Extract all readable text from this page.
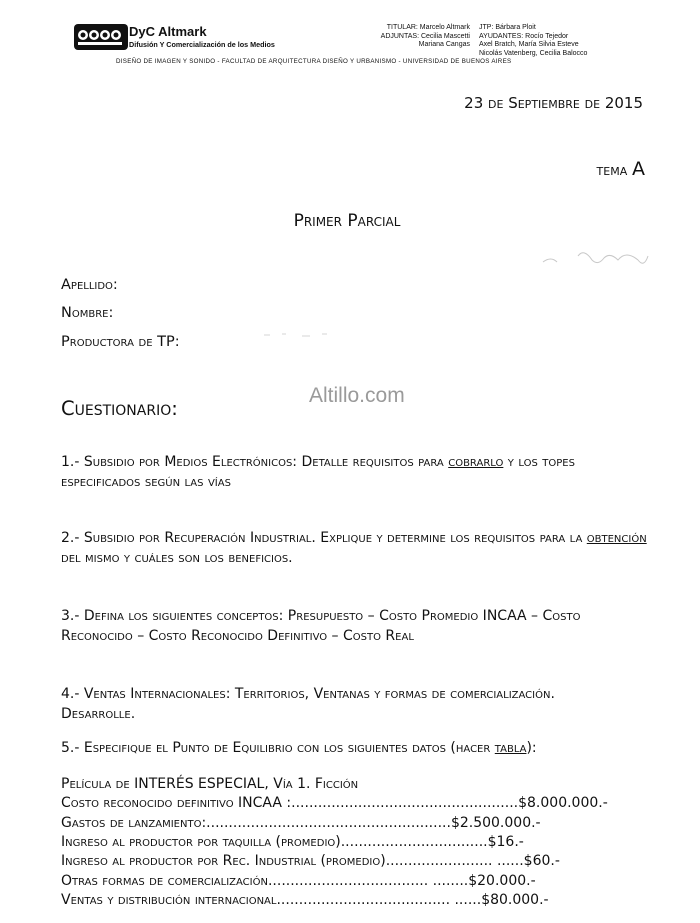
DyC Altmark
Difusión Y Comercialización de los Medios
TITULAR: Marcelo Altmark
ADJUNTAS: Cecilia Mascetti
Mariana Cangas
JTP: Bárbara Ploit
AYUDANTES: Rocío Tejedor
Axel Bratch, María Silvia Esteve
Nicolás Vatenberg, Cecilia Balocco
DISEÑO DE IMAGEN Y SONIDO - FACULTAD DE ARQUITECTURA DISEÑO Y URBANISMO - UNIVERSIDAD DE BUENOS AIRES
23 de Septiembre de 2015
tema A
Primer Parcial
Apellido:
Nombre:
Productora de TP:
Altillo.com
Cuestionario:
1.- Subsidio por Medios Electrónicos: Detalle requisitos para cobrarlo y los topes especificados según las vías
2.- Subsidio por Recuperación Industrial. Explique y determine los requisitos para la obtención del mismo y cuáles son los beneficios.
3.- Defina los siguientes conceptos: Presupuesto – Costo Promedio INCAA – Costo
Reconocido – Costo Reconocido Definitivo – Costo Real
4.- Ventas Internacionales: Territorios, Ventanas y formas de comercialización.
Desarrolle.
5.- Especifique el Punto de Equilibrio con los siguientes datos (hacer tabla):
Película de INTERÉS ESPECIAL, Vía 1. Ficción
Costo reconocido definitivo INCAA :...................................................$8.000.000.-
Gastos de lanzamiento:.......................................................$2.500.000.-
Ingreso al productor por taquilla (promedio).................................$16.-
Ingreso al productor por Rec. Industrial (promedio)........................ ......$60.-
Otras formas de comercialización.................................... ........$20.000.-
Ventas y distribución internacional....................................... ......$80.000.-
